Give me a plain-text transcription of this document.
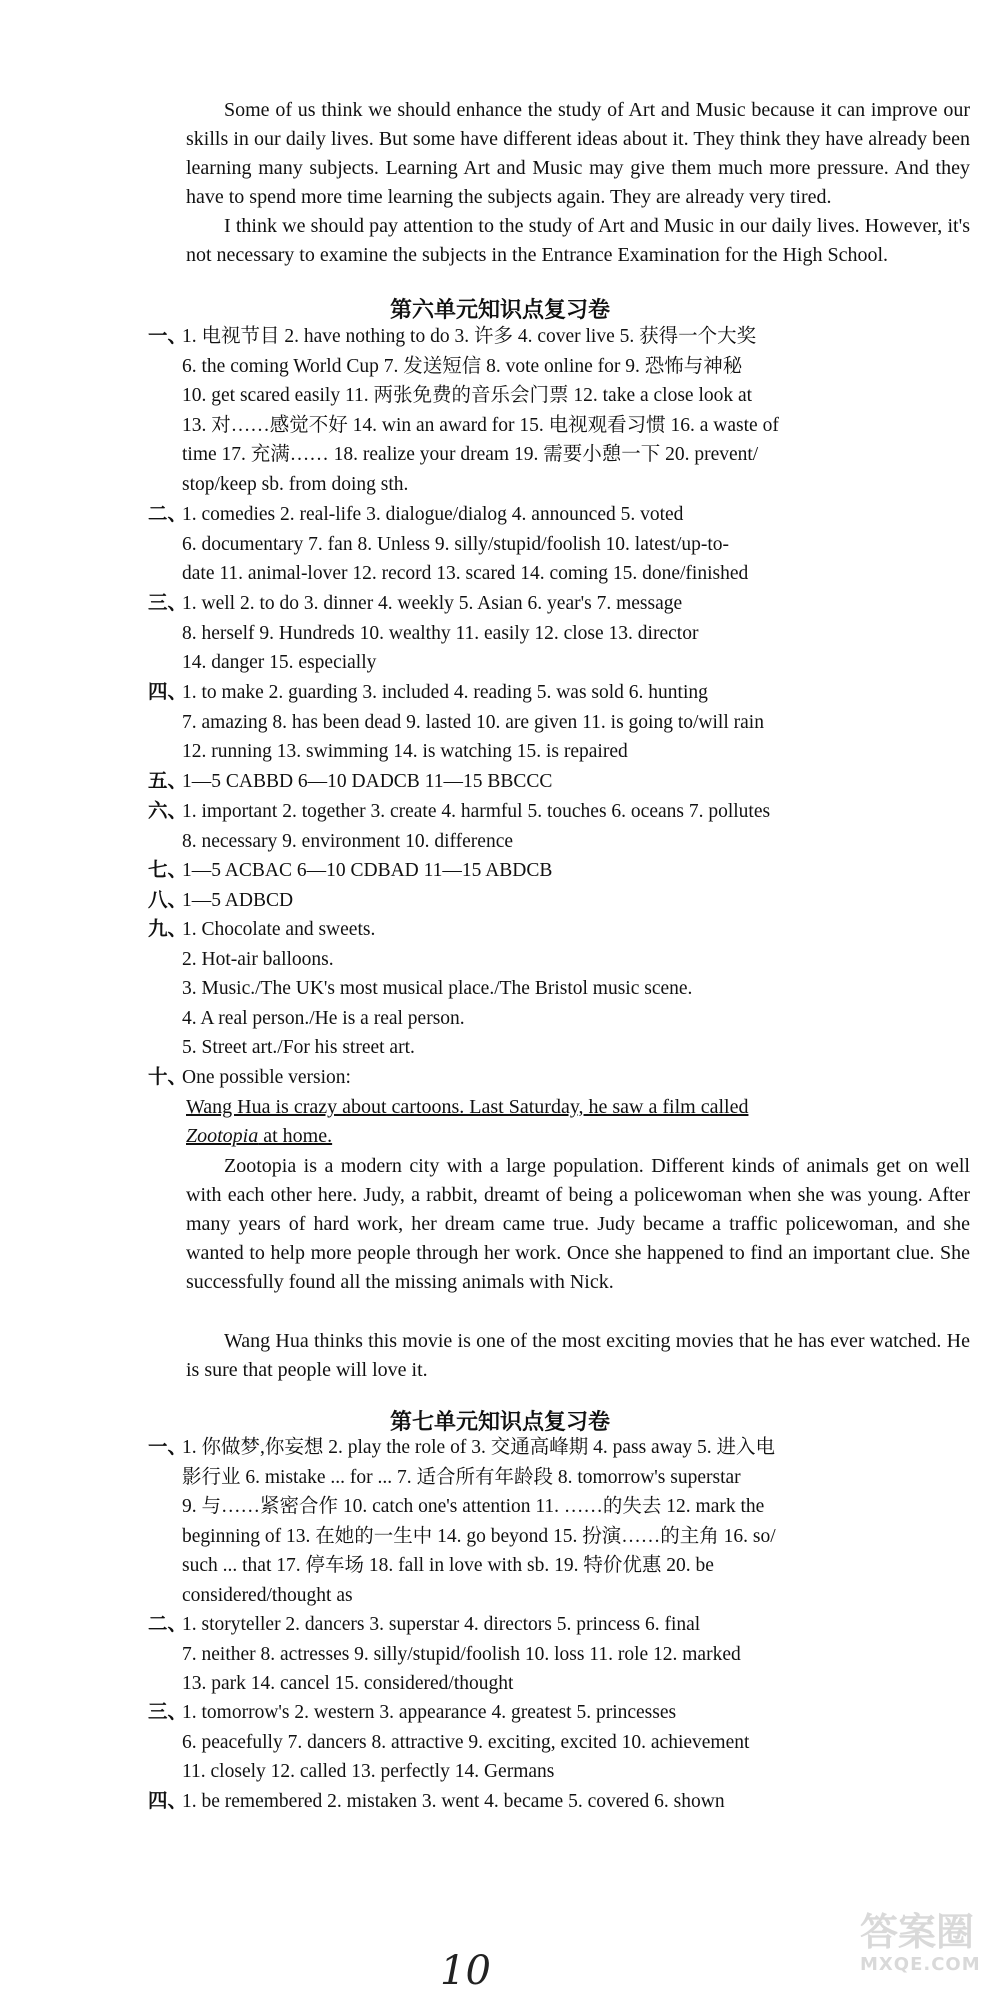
Some of us think we should enhance the study of Art and Music because it can improve our skills in our daily lives. But some have different ideas about it. They think they have already been learning many subjects. Learning Art and Music may give them much more pressure. And they have to spend more time learning the subjects again. They are already very tired.

I think we should pay attention to the study of Art and Music in our daily lives. However, it's not necessary to examine the subjects in the Entrance Examination for the High School.

第六单元知识点复习卷
一、
1. 电视节目 2. have nothing to do 3. 许多 4. cover live 5. 获得一个大奖
6. the coming World Cup 7. 发送短信 8. vote online for 9. 恐怖与神秘
10. get scared easily 11. 两张免费的音乐会门票 12. take a close look at
13. 对……感觉不好 14. win an award for 15. 电视观看习惯 16. a waste of
time 17. 充满…… 18. realize your dream 19. 需要小憩一下 20. prevent/
stop/keep sb. from doing sth.
二、
1. comedies 2. real-life 3. dialogue/dialog 4. announced 5. voted
6. documentary 7. fan 8. Unless 9. silly/stupid/foolish 10. latest/up-to-
date 11. animal-lover 12. record 13. scared 14. coming 15. done/finished
三、
1. well 2. to do 3. dinner 4. weekly 5. Asian 6. year's 7. message
8. herself 9. Hundreds 10. wealthy 11. easily 12. close 13. director
14. danger 15. especially
四、
1. to make 2. guarding 3. included 4. reading 5. was sold 6. hunting
7. amazing 8. has been dead 9. lasted 10. are given 11. is going to/will rain
12. running 13. swimming 14. is watching 15. is repaired
五、
1—5 CABBD 6—10 DADCB 11—15 BBCCC
六、
1. important 2. together 3. create 4. harmful 5. touches 6. oceans 7. pollutes
8. necessary 9. environment 10. difference
七、
1—5 ACBAC 6—10 CDBAD 11—15 ABDCB
八、
1—5 ADBCD
九、
1. Chocolate and sweets.
2. Hot-air balloons.
3. Music./The UK's most musical place./The Bristol music scene.
4. A real person./He is a real person.
5. Street art./For his street art.
十、
One possible version:

Wang Hua is crazy about cartoons. Last Saturday, he saw a film called

Zootopia at home.

Zootopia is a modern city with a large population. Different kinds of animals get on well with each other here. Judy, a rabbit, dreamt of being a policewoman when she was young. After many years of hard work, her dream came true. Judy became a traffic policewoman, and she wanted to help more people through her work. Once she happened to find an important clue. She successfully found all the missing animals with Nick.

Wang Hua thinks this movie is one of the most exciting movies that he has ever watched. He is sure that people will love it.

第七单元知识点复习卷
一、
1. 你做梦,你妄想 2. play the role of 3. 交通高峰期 4. pass away 5. 进入电
影行业 6. mistake ... for ... 7. 适合所有年龄段 8. tomorrow's superstar
9. 与……紧密合作 10. catch one's attention 11. ……的失去 12. mark the
beginning of 13. 在她的一生中 14. go beyond 15. 扮演……的主角 16. so/
such ... that 17. 停车场 18. fall in love with sb. 19. 特价优惠 20. be
considered/thought as
二、
1. storyteller 2. dancers 3. superstar 4. directors 5. princess 6. final
7. neither 8. actresses 9. silly/stupid/foolish 10. loss 11. role 12. marked
13. park 14. cancel 15. considered/thought
三、
1. tomorrow's 2. western 3. appearance 4. greatest 5. princesses
6. peacefully 7. dancers 8. attractive 9. exciting, excited 10. achievement
11. closely 12. called 13. perfectly 14. Germans
四、
1. be remembered 2. mistaken 3. went 4. became 5. covered 6. shown
10
答案圈
MXQE.COM
